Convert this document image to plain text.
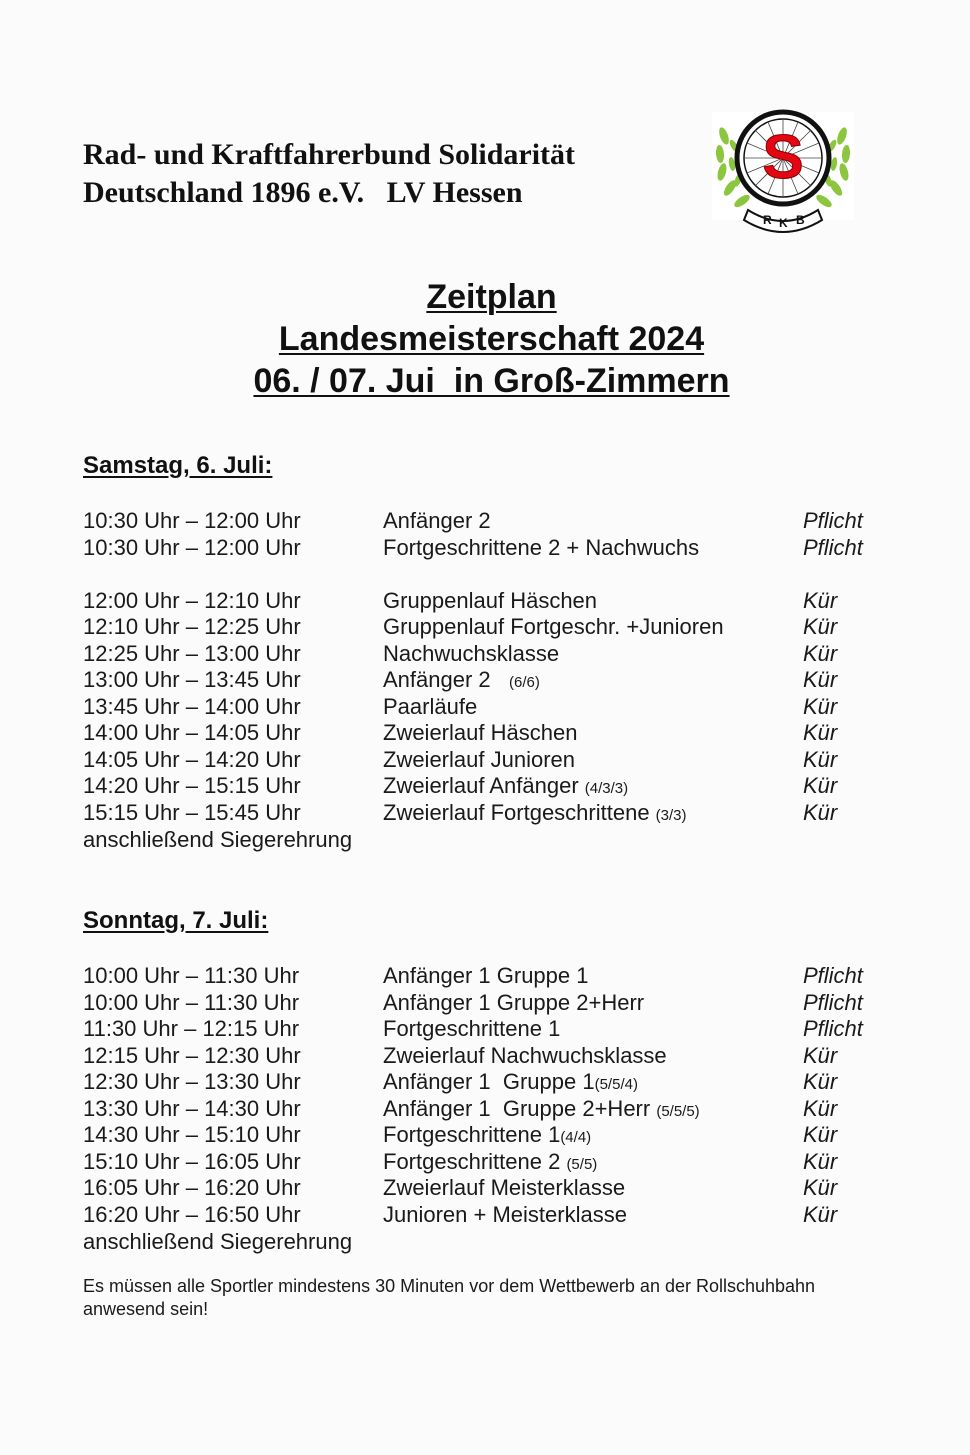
Rad- und Kraftfahrerbund Solidarität
Deutschland 1896 e.V.   LV Hessen
S
R K B
Zeitplan
Landesmeisterschaft 2024
06. / 07. Jui  in Groß-Zimmern
Samstag, 6. Juli:
10:30 Uhr – 12:00 Uhr	Anfänger 2	Pflicht
10:30 Uhr – 12:00 Uhr	Fortgeschrittene 2 + Nachwuchs	Pflicht
12:00 Uhr – 12:10 Uhr	Gruppenlauf Häschen	Kür
12:10 Uhr – 12:25 Uhr	Gruppenlauf Fortgeschr. +Junioren	Kür
12:25 Uhr – 13:00 Uhr	Nachwuchsklasse	Kür
13:00 Uhr – 13:45 Uhr	Anfänger 2   (6/6)	Kür
13:45 Uhr – 14:00 Uhr	Paarläufe	Kür
14:00 Uhr – 14:05 Uhr	Zweierlauf Häschen	Kür
14:05 Uhr – 14:20 Uhr	Zweierlauf Junioren	Kür
14:20 Uhr – 15:15 Uhr	Zweierlauf Anfänger (4/3/3)	Kür
15:15 Uhr – 15:45 Uhr	Zweierlauf Fortgeschrittene (3/3)	Kür
anschließend Siegerehrung
Sonntag, 7. Juli:
10:00 Uhr – 11:30 Uhr	Anfänger 1 Gruppe 1	Pflicht
10:00 Uhr – 11:30 Uhr	Anfänger 1 Gruppe 2+Herr	Pflicht
11:30 Uhr – 12:15 Uhr	Fortgeschrittene 1	Pflicht
12:15 Uhr – 12:30 Uhr	Zweierlauf Nachwuchsklasse	Kür
12:30 Uhr – 13:30 Uhr	Anfänger 1  Gruppe 1(5/5/4)	Kür
13:30 Uhr – 14:30 Uhr	Anfänger 1  Gruppe 2+Herr (5/5/5)	Kür
14:30 Uhr – 15:10 Uhr	Fortgeschrittene 1(4/4)	Kür
15:10 Uhr – 16:05 Uhr	Fortgeschrittene 2 (5/5)	Kür
16:05 Uhr – 16:20 Uhr	Zweierlauf Meisterklasse	Kür
16:20 Uhr – 16:50 Uhr	Junioren + Meisterklasse	Kür
anschließend Siegerehrung
Es müssen alle Sportler mindestens 30 Minuten vor dem Wettbewerb an der Rollschuhbahn anwesend sein!
